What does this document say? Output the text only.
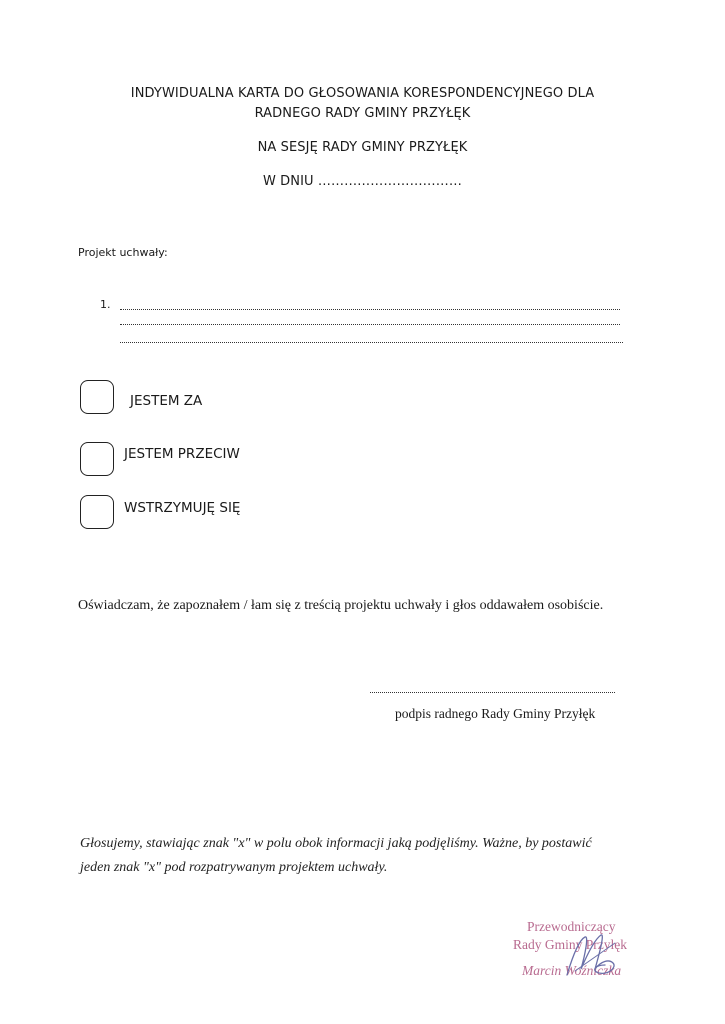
INDYWIDUALNA KARTA DO GŁOSOWANIA KORESPONDENCYJNEGO DLA
RADNEGO RADY GMINY PRZYŁĘK
NA SESJĘ RADY GMINY PRZYŁĘK
W DNIU ……………………………
Projekt uchwały:
1.
JESTEM ZA
JESTEM PRZECIW
WSTRZYMUJĘ SIĘ
Oświadczam, że zapoznałem / łam się z treścią projektu uchwały i głos oddawałem osobiście.
podpis radnego Rady Gminy Przyłęk
Głosujemy, stawiając znak "x" w polu obok informacji jaką podjęliśmy. Ważne, by postawić
jeden znak "x" pod rozpatrywanym projektem uchwały.
Przewodniczący
Rady Gminy Przyłęk
Marcin Woźniczka
